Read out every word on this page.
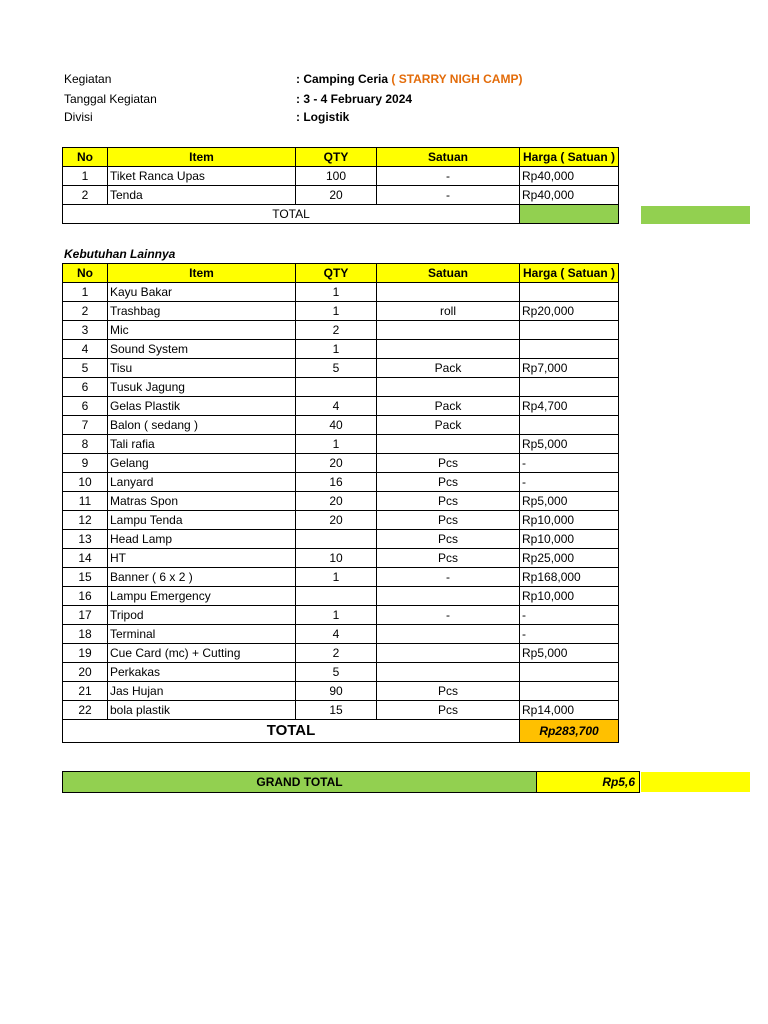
Kegiatan	: Camping Ceria ( STARRY NIGH CAMP)
Tanggal Kegiatan	: 3 - 4 February 2024
Divisi	: Logistik
No	Item	QTY	Satuan	Harga ( Satuan )
1	Tiket Ranca Upas	100	-	Rp40,000
2	Tenda	20	-	Rp40,000
TOTAL				
Kebutuhan Lainnya
No	Item	QTY	Satuan	Harga ( Satuan )
1	Kayu Bakar	1		
2	Trashbag	1	roll	Rp20,000
3	Mic	2		
4	Sound System	1		
5	Tisu	5	Pack	Rp7,000
6	Tusuk Jagung			
6	Gelas Plastik	4	Pack	Rp4,700
7	Balon ( sedang )	40	Pack	
8	Tali rafia	1		Rp5,000
9	Gelang	20	Pcs	-
10	Lanyard	16	Pcs	-
11	Matras Spon	20	Pcs	Rp5,000
12	Lampu Tenda	20	Pcs	Rp10,000
13	Head Lamp		Pcs	Rp10,000
14	HT	10	Pcs	Rp25,000
15	Banner ( 6 x 2 )	1	-	Rp168,000
16	Lampu Emergency			Rp10,000
17	Tripod	1	-	-
18	Terminal	4		-
19	Cue Card (mc) + Cutting	2		Rp5,000
20	Perkakas	5		
21	Jas Hujan	90	Pcs	
22	bola plastik	15	Pcs	Rp14,000
TOTAL				Rp283,700
GRAND TOTAL	Rp5,6
